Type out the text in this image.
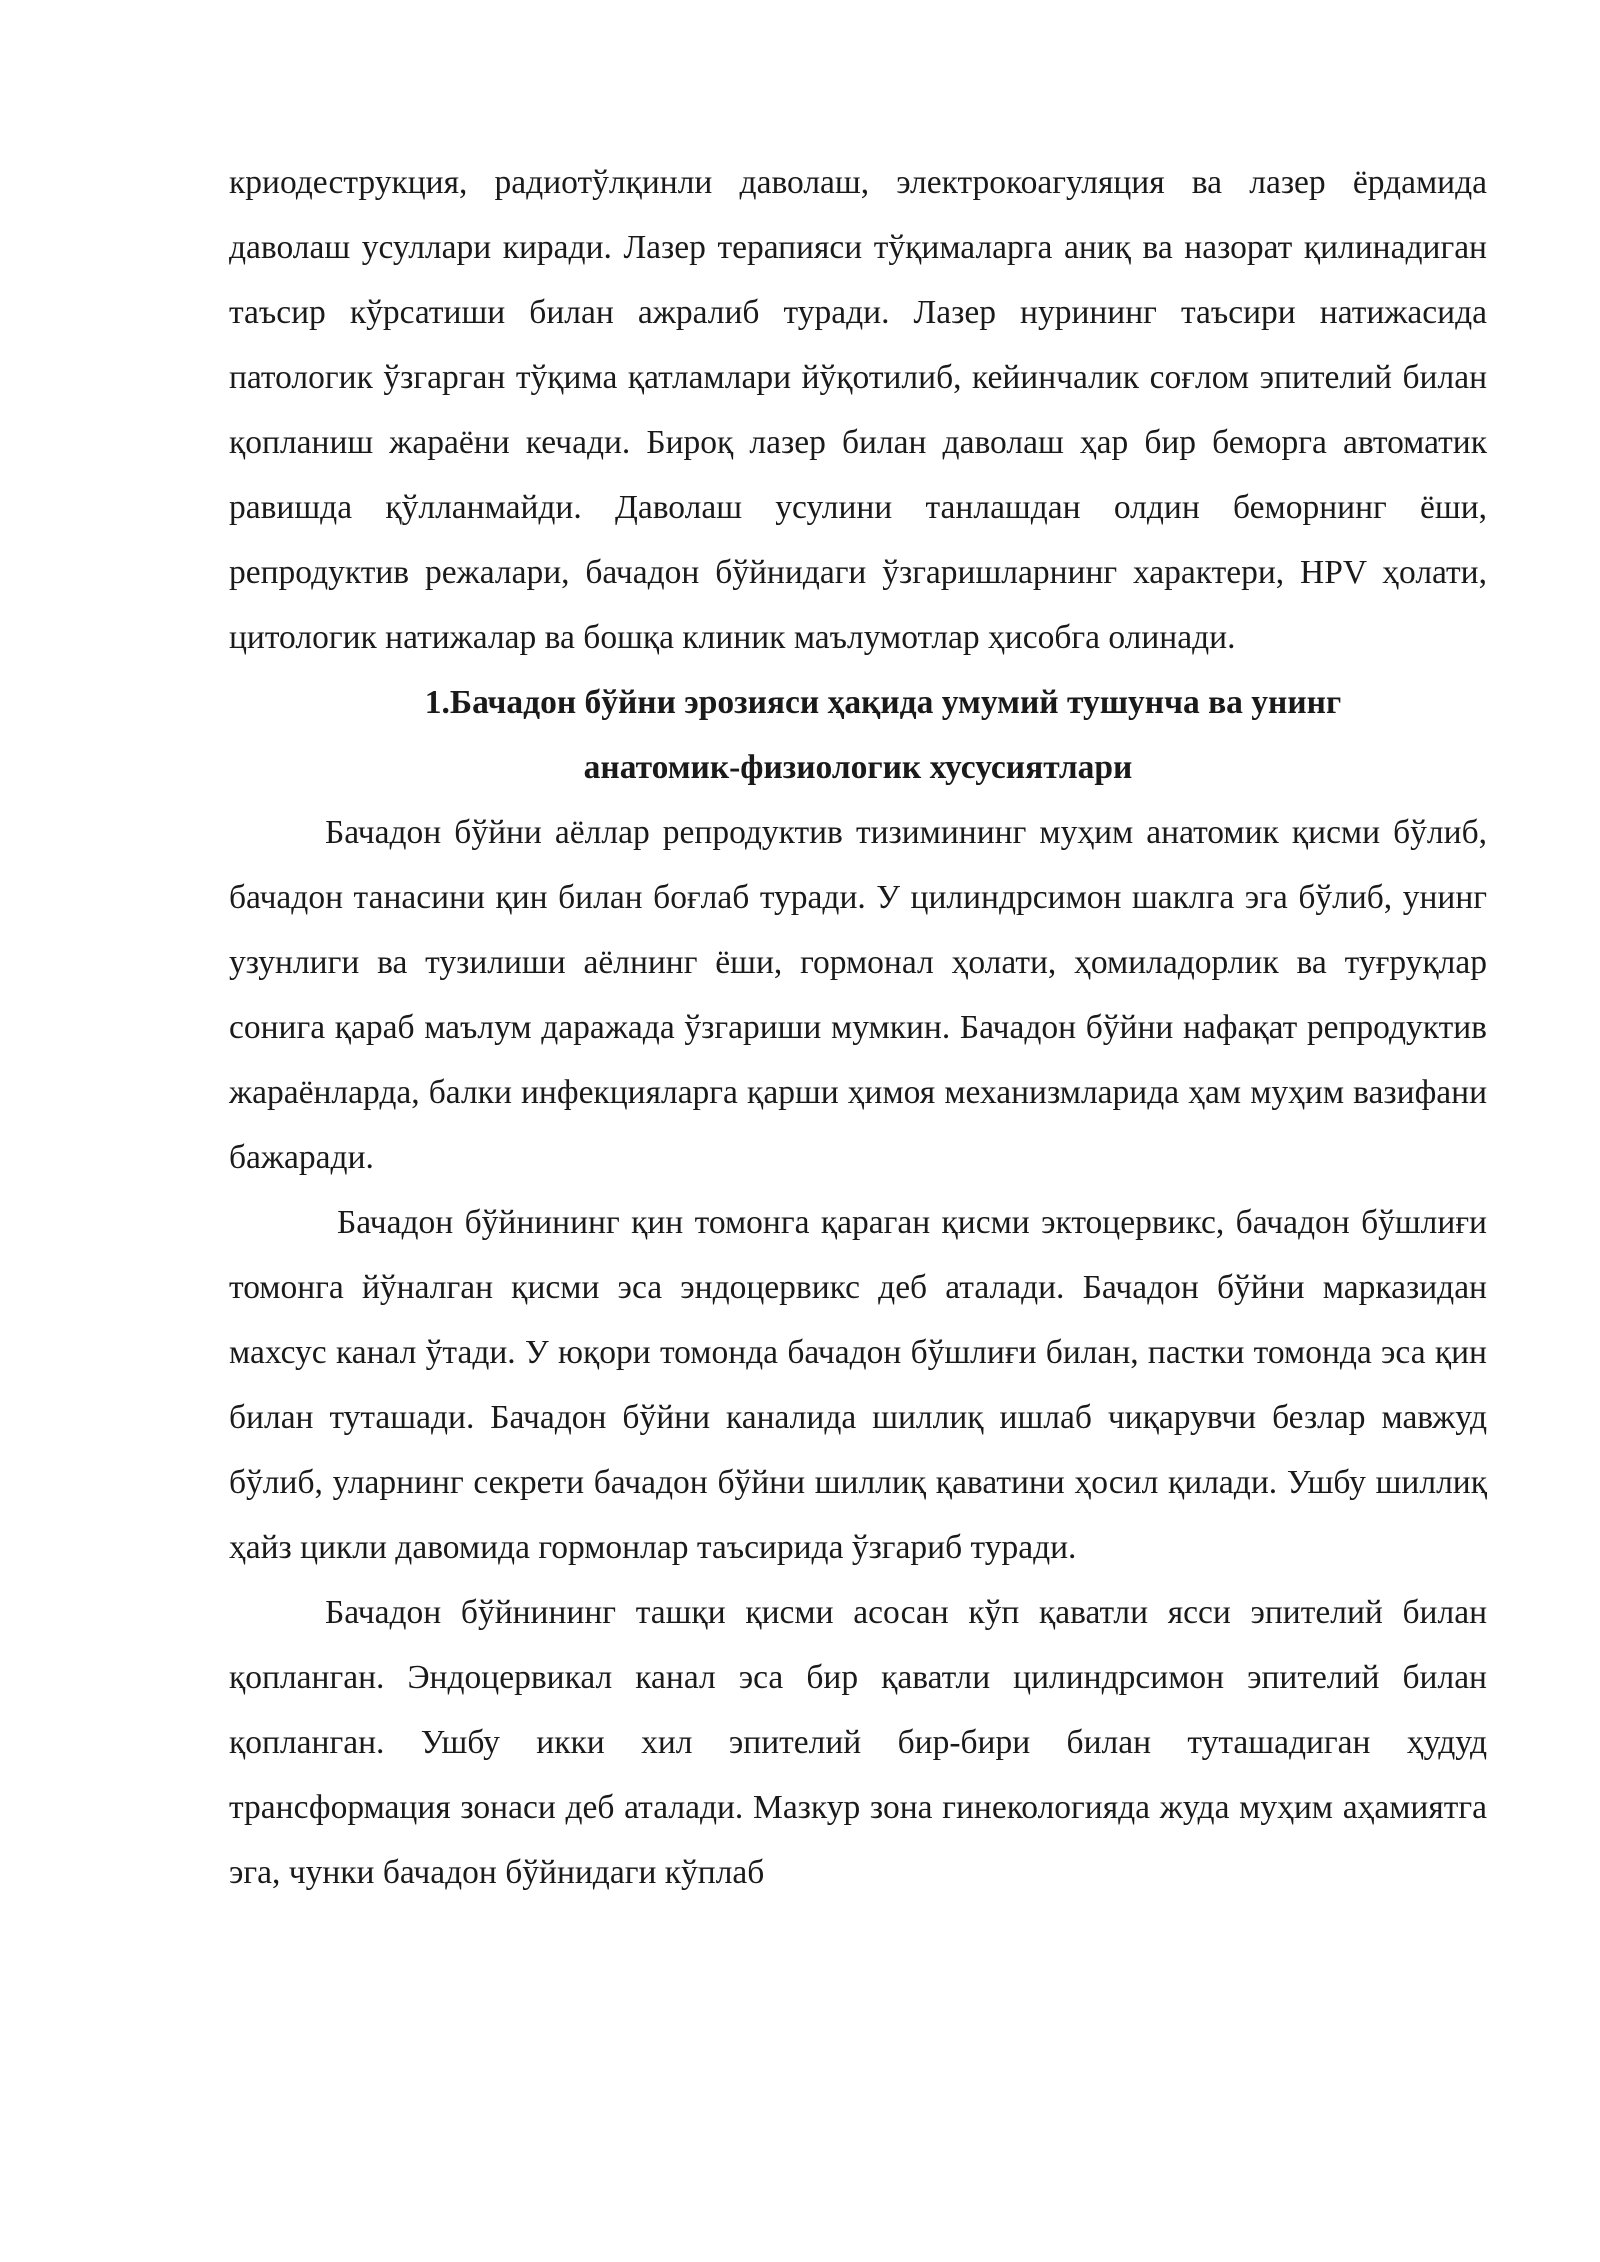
криодеструкция, радиотўлқинли даволаш, электрокоагуляция ва лазер ёрдамида даволаш усуллари киради. Лазер терапияси тўқималарга аниқ ва назорат қилинадиган таъсир кўрсатиши билан ажралиб туради. Лазер нурининг таъсири натижасида патологик ўзгарган тўқима қатламлари йўқотилиб, кейинчалик соғлом эпителий билан қопланиш жараёни кечади. Бироқ лазер билан даволаш ҳар бир беморга автоматик равишда қўлланмайди. Даволаш усулини танлашдан олдин беморнинг ёши, репродуктив режалари, бачадон бўйнидаги ўзгаришларнинг характери, HPV ҳолати, цитологик натижалар ва бошқа клиник маълумотлар ҳисобга олинади.

1.Бачадон бўйни эрозияси ҳақида умумий тушунча ва унинг
анатомик-физиологик хусусиятлари

Бачадон бўйни аёллар репродуктив тизимининг муҳим анатомик қисми бўлиб, бачадон танасини қин билан боғлаб туради. У цилиндрсимон шаклга эга бўлиб, унинг узунлиги ва тузилиши аёлнинг ёши, гормонал ҳолати, ҳомиладорлик ва туғруқлар сонига қараб маълум даражада ўзгариши мумкин. Бачадон бўйни нафақат репродуктив жараёнларда, балки инфекцияларга қарши ҳимоя механизмларида ҳам муҳим вазифани бажаради.

Бачадон бўйнининг қин томонга қараган қисми эктоцервикс, бачадон бўшлиғи томонга йўналган қисми эса эндоцервикс деб аталади. Бачадон бўйни марказидан махсус канал ўтади. У юқори томонда бачадон бўшлиғи билан, пастки томонда эса қин билан туташади. Бачадон бўйни каналида шиллиқ ишлаб чиқарувчи безлар мавжуд бўлиб, уларнинг секрети бачадон бўйни шиллиқ қаватини ҳосил қилади. Ушбу шиллиқ ҳайз цикли давомида гормонлар таъсирида ўзгариб туради.

Бачадон бўйнининг ташқи қисми асосан кўп қаватли ясси эпителий билан қопланган. Эндоцервикал канал эса бир қаватли цилиндрсимон эпителий билан қопланган. Ушбу икки хил эпителий бир-бири билан туташадиган ҳудуд трансформация зонаси деб аталади. Мазкур зона гинекологияда жуда муҳим аҳамиятга эга, чунки бачадон бўйнидаги кўплаб
